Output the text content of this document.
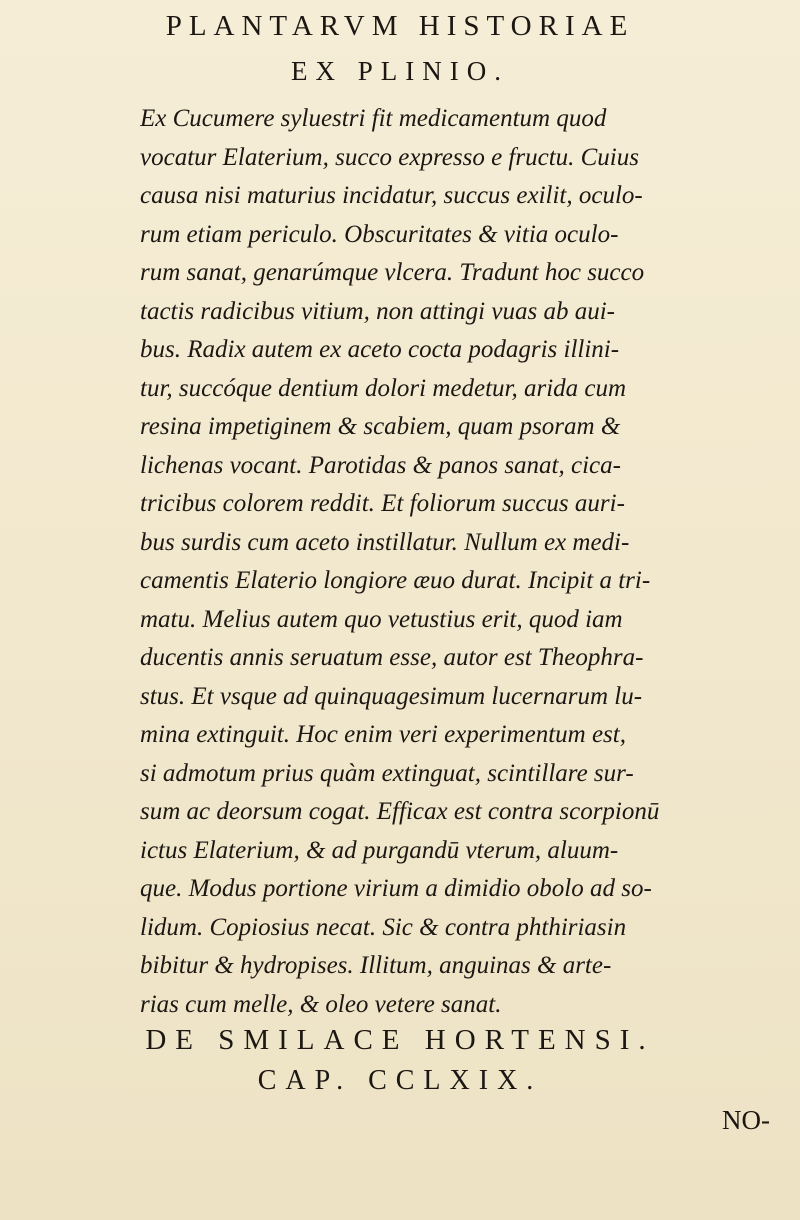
PLANTARVM HISTORIAE
EX PLINIO.
Ex Cucumere syluestri fit medicamentum quod
vocatur Elaterium, succo expresso e fructu. Cuius
causa nisi maturius incidatur, succus exilit, oculo-
rum etiam periculo. Obscuritates & vitia oculo-
rum sanat, genarúmque vlcera. Tradunt hoc succo
tactis radicibus vitium, non attingi vuas ab aui-
bus. Radix autem ex aceto cocta podagris illini-
tur, succóque dentium dolori medetur, arida cum
resina impetiginem & scabiem, quam psoram &
lichenas vocant. Parotidas & panos sanat, cica-
tricibus colorem reddit. Et foliorum succus auri-
bus surdis cum aceto instillatur. Nullum ex medi-
camentis Elaterio longiore æuo durat. Incipit a tri-
matu. Melius autem quo vetustius erit, quod iam
ducentis annis seruatum esse, autor est Theophra-
stus. Et vsque ad quinquagesimum lucernarum lu-
mina extinguit. Hoc enim veri experimentum est,
si admotum prius quàm extinguat, scintillare sur-
sum ac deorsum cogat. Efficax est contra scorpionū
ictus Elaterium, & ad purgandū vterum, aluum-
que. Modus portione virium a dimidio obolo ad so-
lidum. Copiosius necat. Sic & contra phthiriasin
bibitur & hydropises. Illitum, anguinas & arte-
rias cum melle, & oleo vetere sanat.
DE SMILACE HORTENSI.
CAP. CCLXIX.
NO-
